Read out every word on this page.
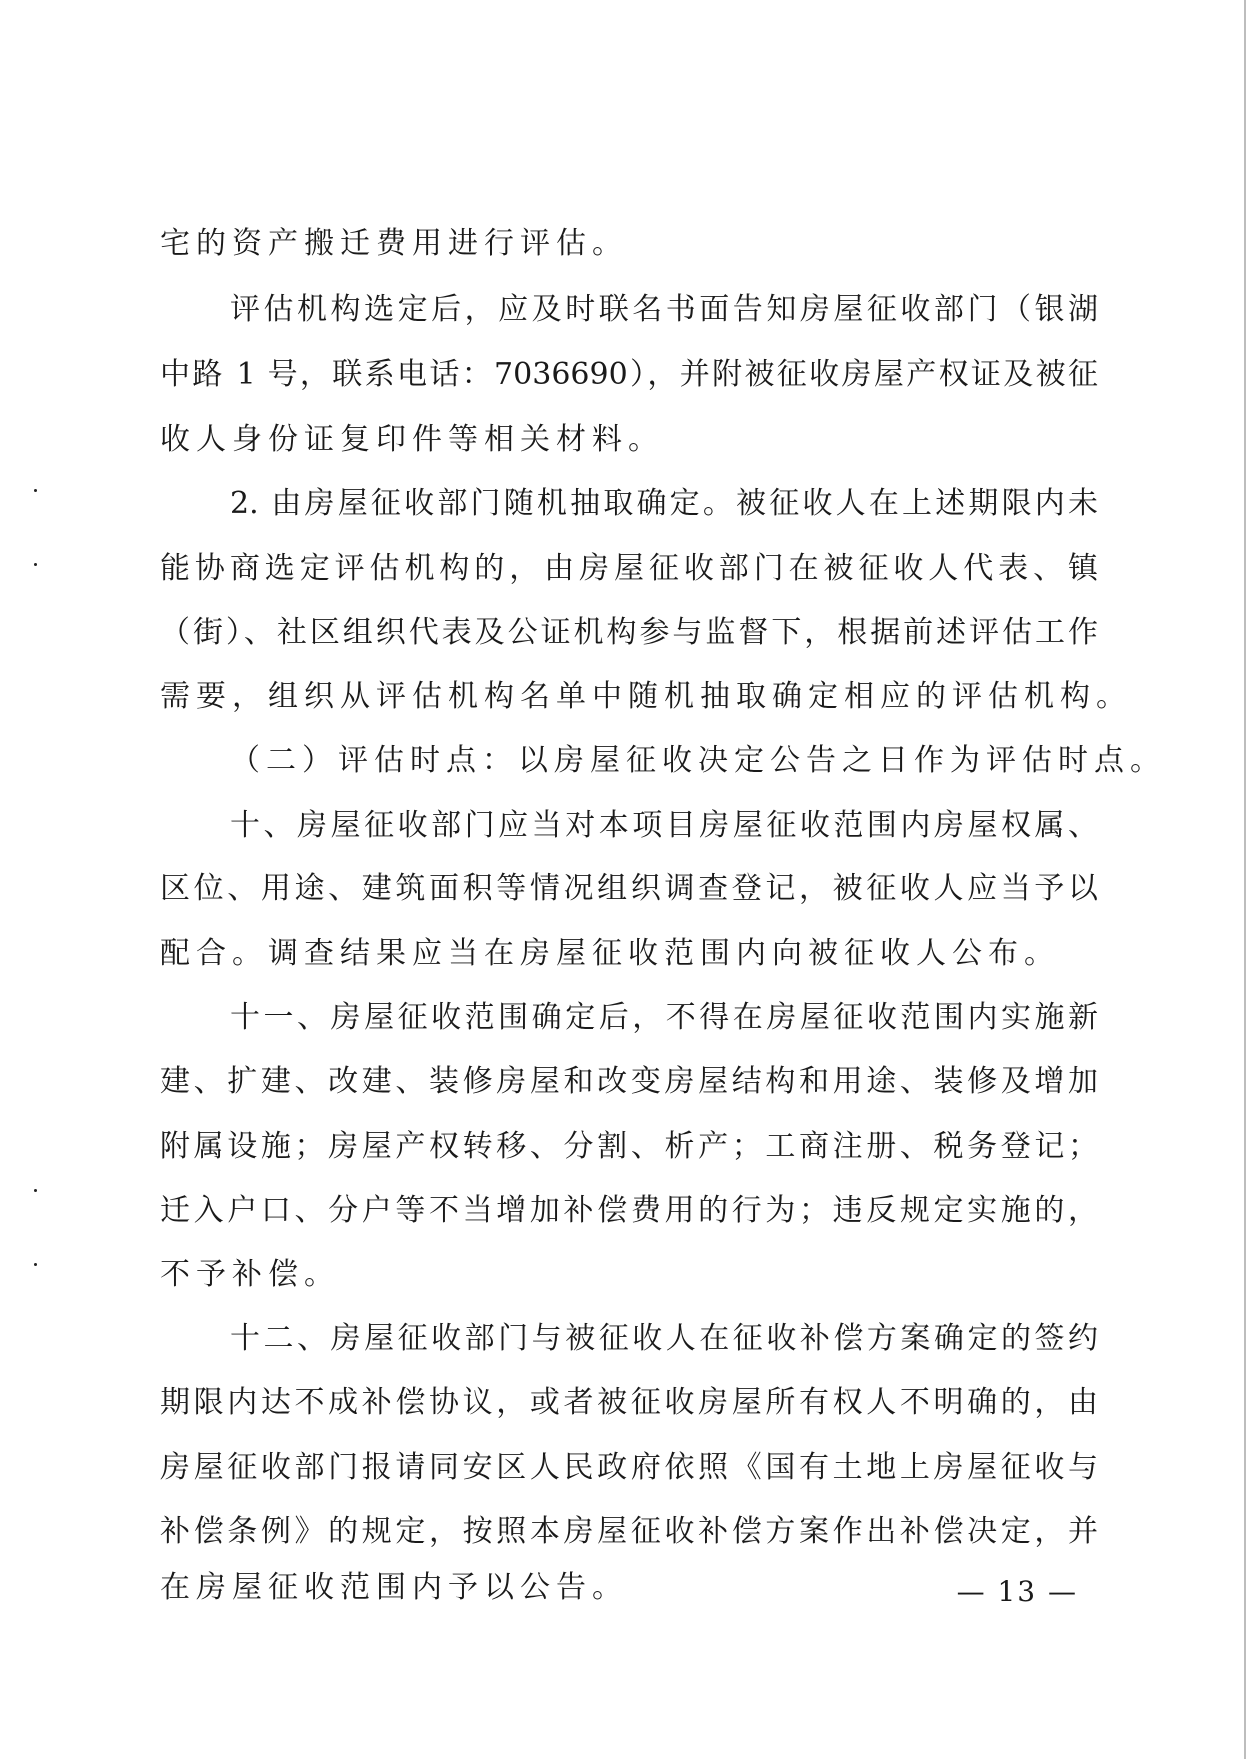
宅的资产搬迁费用进行评估。

评估机构选定后，应及时联名书面告知房屋征收部门（银湖

中路 1 号，联系电话：7036690），并附被征收房屋产权证及被征

收人身份证复印件等相关材料。

2. 由房屋征收部门随机抽取确定。被征收人在上述期限内未

能协商选定评估机构的，由房屋征收部门在被征收人代表、镇

（街）、社区组织代表及公证机构参与监督下，根据前述评估工作

需要，组织从评估机构名单中随机抽取确定相应的评估机构。

（二）评估时点：以房屋征收决定公告之日作为评估时点。

十、房屋征收部门应当对本项目房屋征收范围内房屋权属、

区位、用途、建筑面积等情况组织调查登记，被征收人应当予以

配合。调查结果应当在房屋征收范围内向被征收人公布。

十一、房屋征收范围确定后，不得在房屋征收范围内实施新

建、扩建、改建、装修房屋和改变房屋结构和用途、装修及增加

附属设施；房屋产权转移、分割、析产；工商注册、税务登记；

迁入户口、分户等不当增加补偿费用的行为；违反规定实施的，

不予补偿。

十二、房屋征收部门与被征收人在征收补偿方案确定的签约

期限内达不成补偿协议，或者被征收房屋所有权人不明确的，由

房屋征收部门报请同安区人民政府依照《国有土地上房屋征收与

补偿条例》的规定，按照本房屋征收补偿方案作出补偿决定，并

在房屋征收范围内予以公告。	— 13 —
